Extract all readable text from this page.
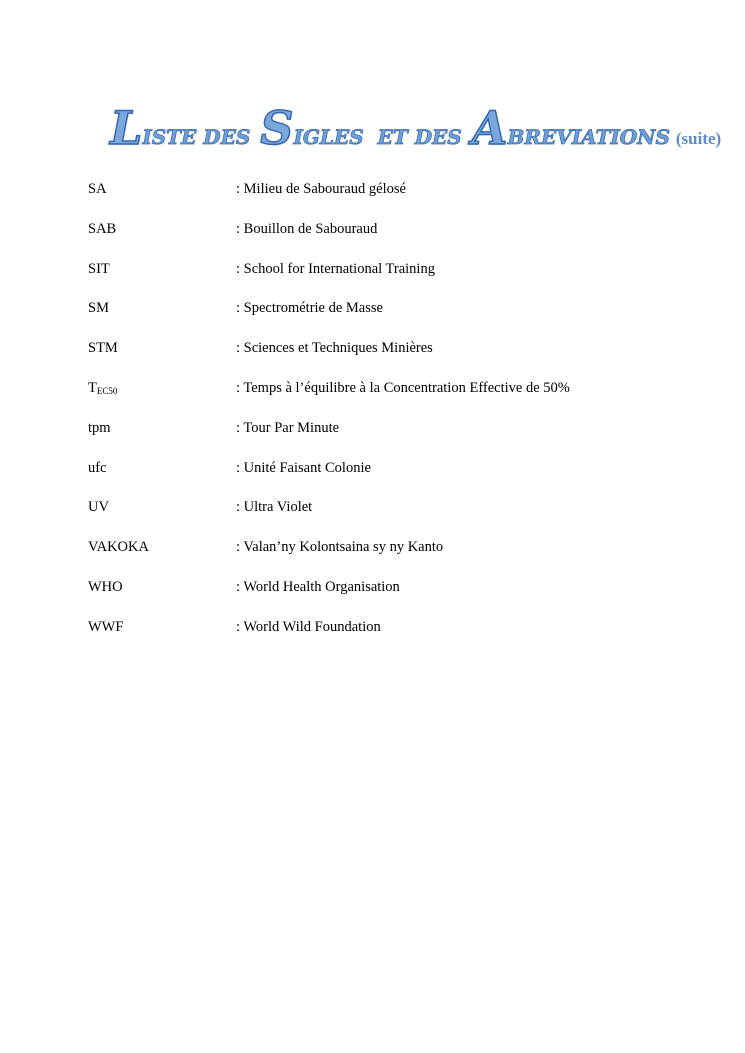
LISTE DES SIGLES  ET DES ABREVIATIONS (suite)
SA	: Milieu de Sabouraud gélosé
SAB	: Bouillon de Sabouraud
SIT	: School for International Training
SM	: Spectrométrie de Masse
STM	: Sciences et Techniques Minières
$T_{EC50}$	: Temps à l’équilibre à la Concentration Effective de 50%
tpm	: Tour Par Minute
ufc	: Unité Faisant Colonie
UV	: Ultra Violet
VAKOKA	: Valan’ny Kolontsaina sy ny Kanto
WHO	: World Health Organisation
WWF	: World Wild Foundation
